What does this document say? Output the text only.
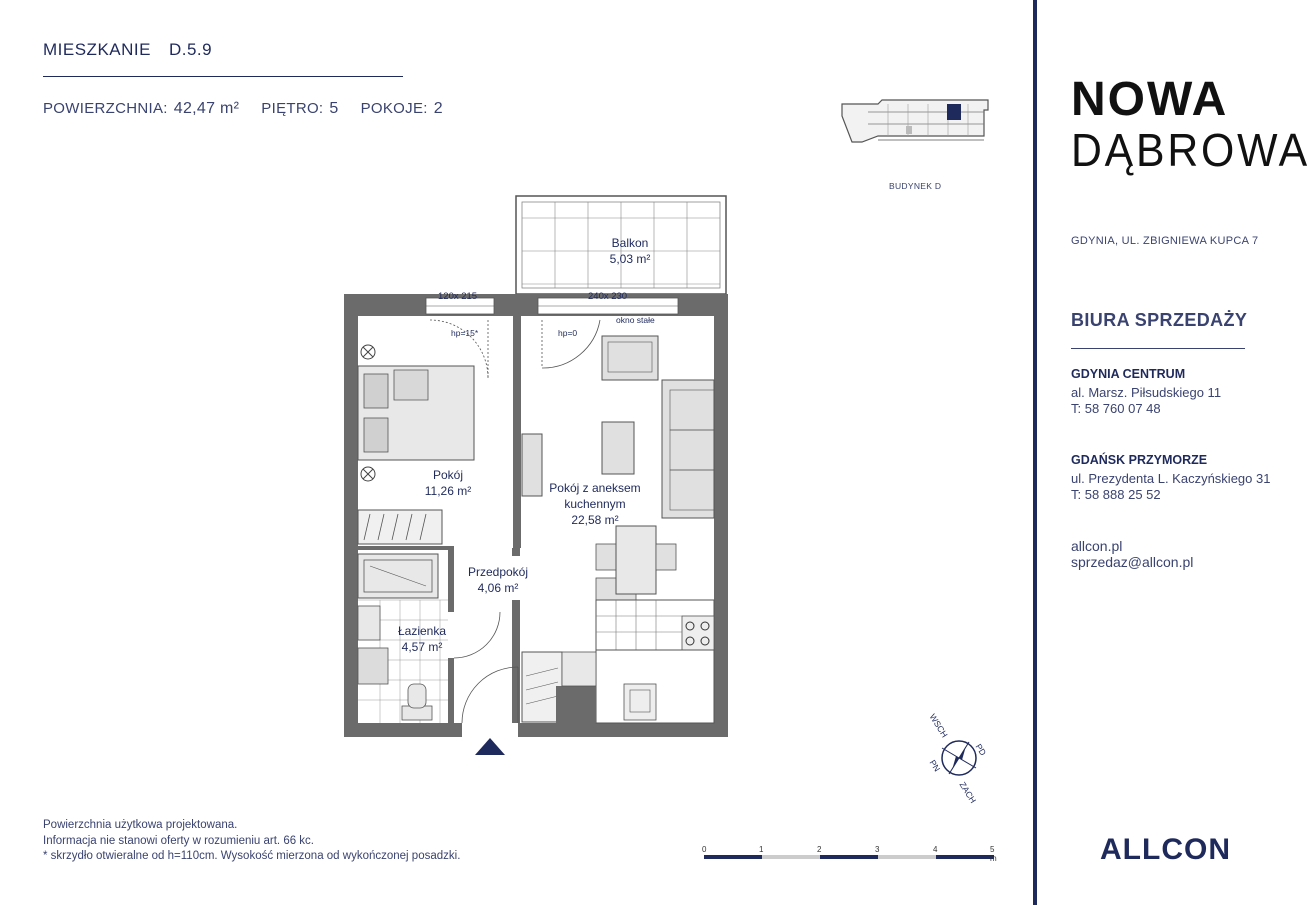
MIESZKANIE D.5.9
POWIERZCHNIA: 42,47 m² PIĘTRO: 5 POKOJE: 2
BUDYNEK D
Balkon
5,03 m²
Pokój
11,26 m²	Pokój z aneksem
kuchennym
22,58 m²
Przedpokój
4,06 m²
Łazienka
4,57 m²
120x 215	240x 230
hp=15*	hp=0
okno stałe
WSCH
PD
ZACH
PN
0	1	2	3	4	5 m
Powierzchnia użytkowa projektowana.
Informacja nie stanowi oferty w rozumieniu art. 66 kc.
* skrzydło otwieralne od h=110cm. Wysokość mierzona od wykończonej posadzki.
NOWA
DĄBROWA
GDYNIA, UL. ZBIGNIEWA KUPCA 7
BIURA SPRZEDAŻY
GDYNIA CENTRUM
al. Marsz. Piłsudskiego 11
T: 58 760 07 48
GDAŃSK PRZYMORZE
ul. Prezydenta L. Kaczyńskiego 31
T: 58 888 25 52
allcon.pl
sprzedaz@allcon.pl
ALLCON
